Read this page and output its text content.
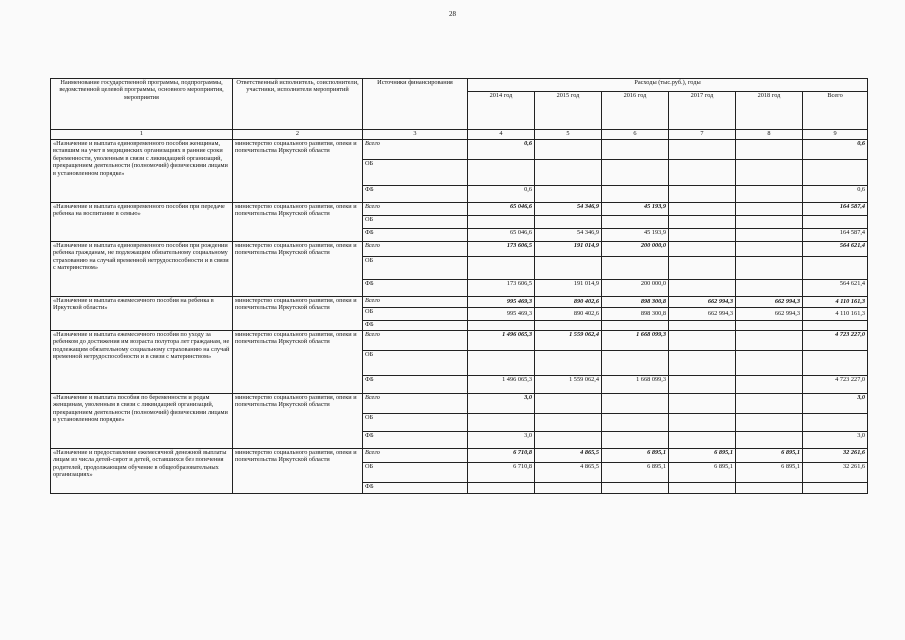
28
Наименование государственной программы, подпрограммы, ведомственной целевой программы, основного мероприятия, мероприятия	Ответственный исполнитель, соисполнители, участники, исполнители мероприятий	Источники финансирования	Расходы (тыс.руб.), годы					
			2014 год	2015 год	2016 год	2017 год	2018 год	Всего
1	2	3	4	5	6	7	8	9
«Назначение и выплата единовременного пособия женщинам, вставшим на учет в медицинских организациях в ранние сроки беременности, уволенным в связи с ликвидацией организаций, прекращением деятельности (полномочий) физическими лицами в установленном порядке»	министерство социального развития, опеки и попечительства Иркутской области	Всего	0,6					0,6
		ОБ						
		ФБ	0,6					0,6
«Назначение и выплата единовременного пособия при передаче ребенка на воспитание в семью»	министерство социального развития, опеки и попечительства Иркутской области	Всего	65 046,6	54 346,9	45 193,9			164 587,4
		ОБ						
		ФБ	65 046,6	54 346,9	45 193,9			164 587,4
«Назначение и выплата единовременного пособия при рождении ребенка гражданам, не подлежащим обязательному социальному страхованию на случай временной нетрудоспособности и в связи с материнством»	министерство социального развития, опеки и попечительства Иркутской области	Всего	173 606,5	191 014,9	200 000,0			564 621,4
		ОБ						
		ФБ	173 606,5	191 014,9	200 000,0			564 621,4
«Назначение и выплата ежемесячного пособия на ребенка в Иркутской области»	министерство социального развития, опеки и попечительства Иркутской области	Всего	995 469,3	890 402,6	898 300,8	662 994,3	662 994,3	4 110 161,3
		ОБ	995 469,3	890 402,6	898 300,8	662 994,3	662 994,3	4 110 161,3
		ФБ						
«Назначение и выплата ежемесячного пособия по уходу за ребенком до достижения им возраста полутора лет гражданам, не подлежащим обязательному социальному страхованию на случай временной нетрудоспособности и в связи с материнством»	министерство социального развития, опеки и попечительства Иркутской области	Всего	1 496 065,3	1 559 062,4	1 668 099,3			4 723 227,0
		ОБ						
		ФБ	1 496 065,3	1 559 062,4	1 668 099,3			4 723 227,0
«Назначение и выплата пособия по беременности и родам женщинам, уволенным в связи с ликвидацией организаций, прекращением деятельности (полномочий) физическими лицами в установленном порядке»	министерство социального развития, опеки и попечительства Иркутской области	Всего	3,0					3,0
		ОБ						
		ФБ	3,0					3,0
«Назначение и предоставление ежемесячной денежной выплаты лицам из числа детей-сирот и детей, оставшихся без попечения родителей, продолжающим обучение в общеобразовательных организациях»	министерство социального развития, опеки и попечительства Иркутской области	Всего	6 710,8	4 865,5	6 895,1	6 895,1	6 895,1	32 261,6
		ОБ	6 710,8	4 865,5	6 895,1	6 895,1	6 895,1	32 261,6
		ФБ						
